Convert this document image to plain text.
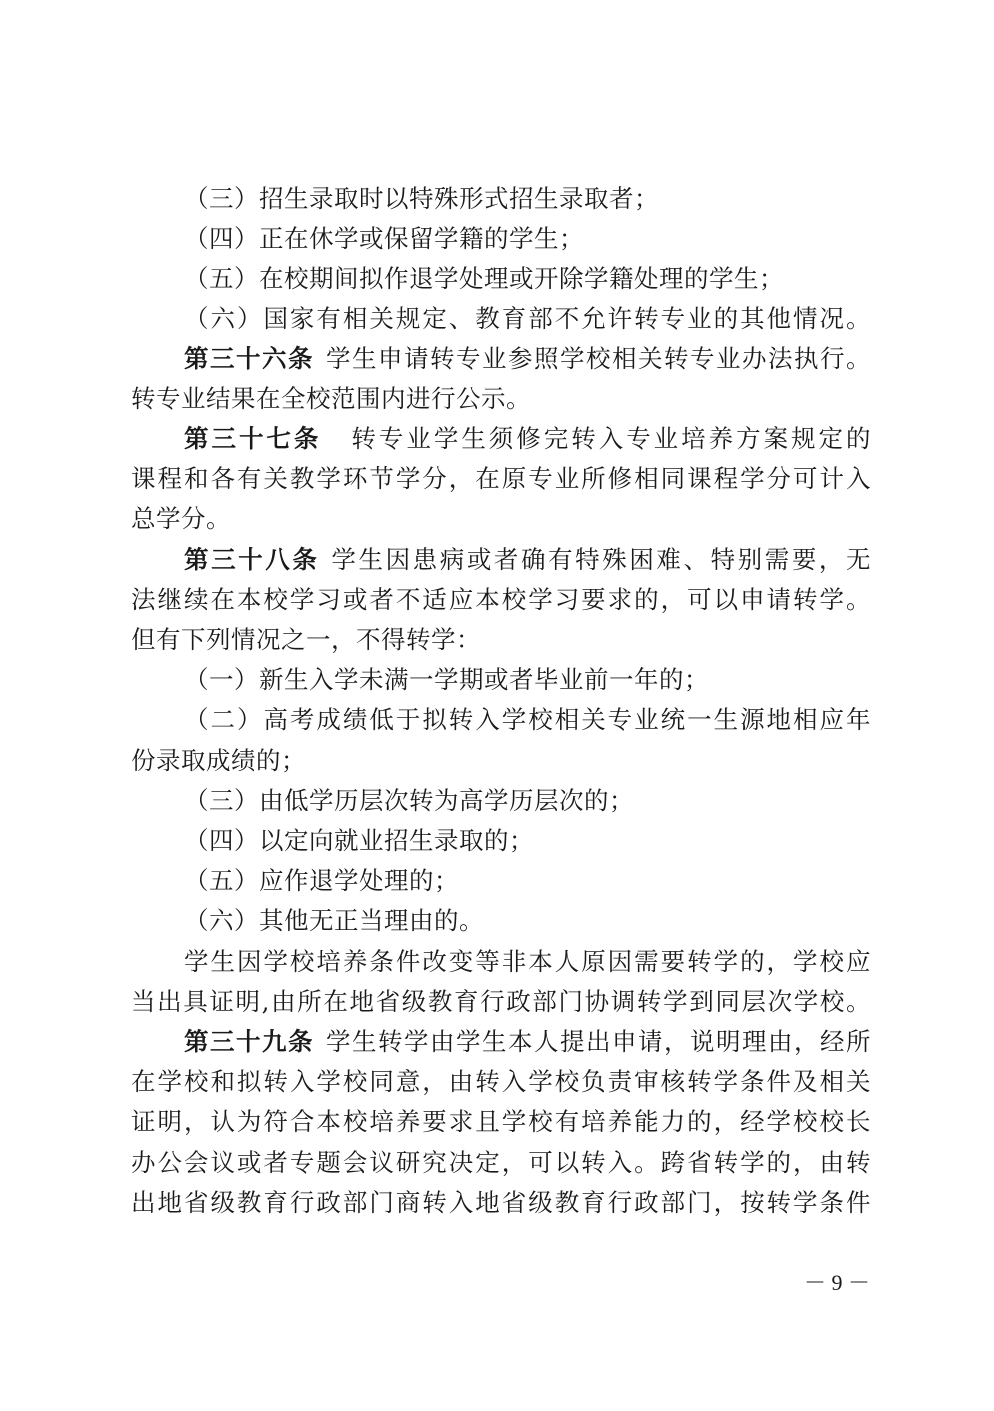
（三）招生录取时以特殊形式招生录取者；
（四）正在休学或保留学籍的学生；
（五）在校期间拟作退学处理或开除学籍处理的学生；
（六）国家有相关规定、教育部不允许转专业的其他情况。
第三十六条 学生申请转专业参照学校相关转专业办法执行。
转专业结果在全校范围内进行公示。
第三十七条 转专业学生须修完转入专业培养方案规定的
课程和各有关教学环节学分，在原专业所修相同课程学分可计入
总学分。
第三十八条 学生因患病或者确有特殊困难、特别需要，无
法继续在本校学习或者不适应本校学习要求的，可以申请转学。
但有下列情况之一，不得转学：
（一）新生入学未满一学期或者毕业前一年的；
（二）高考成绩低于拟转入学校相关专业统一生源地相应年
份录取成绩的；
（三）由低学历层次转为高学历层次的；
（四）以定向就业招生录取的；
（五）应作退学处理的；
（六）其他无正当理由的。
学生因学校培养条件改变等非本人原因需要转学的，学校应
当出具证明,由所在地省级教育行政部门协调转学到同层次学校。
第三十九条 学生转学由学生本人提出申请，说明理由，经所
在学校和拟转入学校同意，由转入学校负责审核转学条件及相关
证明，认为符合本校培养要求且学校有培养能力的，经学校校长
办公会议或者专题会议研究决定，可以转入。跨省转学的，由转
出地省级教育行政部门商转入地省级教育行政部门，按转学条件
－ 9 －
